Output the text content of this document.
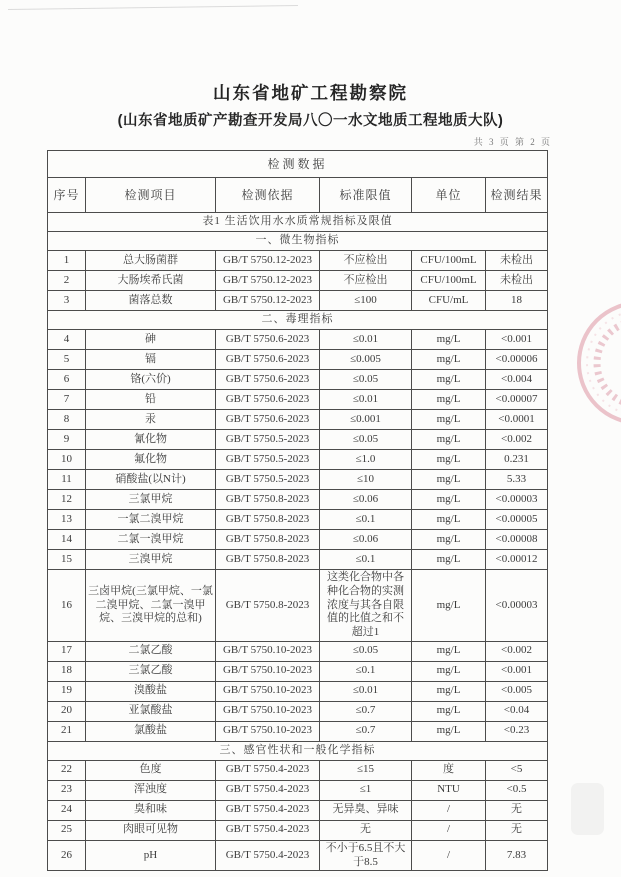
山东省地矿工程勘察院
(山东省地质矿产勘查开发局八〇一水文地质工程地质大队)
共 3 页 第 2 页
检测数据					
序号	检测项目	检测依据	标准限值	单位	检测结果
表1 生活饮用水水质常规指标及限值					
一、微生物指标					
1	总大肠菌群	GB/T 5750.12-2023	不应检出	CFU/100mL	未检出
2	大肠埃希氏菌	GB/T 5750.12-2023	不应检出	CFU/100mL	未检出
3	菌落总数	GB/T 5750.12-2023	≤100	CFU/mL	18
二、毒理指标					
4	砷	GB/T 5750.6-2023	≤0.01	mg/L	<0.001
5	镉	GB/T 5750.6-2023	≤0.005	mg/L	<0.00006
6	铬(六价)	GB/T 5750.6-2023	≤0.05	mg/L	<0.004
7	铅	GB/T 5750.6-2023	≤0.01	mg/L	<0.00007
8	汞	GB/T 5750.6-2023	≤0.001	mg/L	<0.0001
9	氰化物	GB/T 5750.5-2023	≤0.05	mg/L	<0.002
10	氟化物	GB/T 5750.5-2023	≤1.0	mg/L	0.231
11	硝酸盐(以N计)	GB/T 5750.5-2023	≤10	mg/L	5.33
12	三氯甲烷	GB/T 5750.8-2023	≤0.06	mg/L	<0.00003
13	一氯二溴甲烷	GB/T 5750.8-2023	≤0.1	mg/L	<0.00005
14	二氯一溴甲烷	GB/T 5750.8-2023	≤0.06	mg/L	<0.00008
15	三溴甲烷	GB/T 5750.8-2023	≤0.1	mg/L	<0.00012
16	三卤甲烷(三氯甲烷、一氯二溴甲烷、二氯一溴甲烷、三溴甲烷的总和)	GB/T 5750.8-2023	这类化合物中各种化合物的实测浓度与其各自限值的比值之和不超过1	mg/L	<0.00003
17	二氯乙酸	GB/T 5750.10-2023	≤0.05	mg/L	<0.002
18	三氯乙酸	GB/T 5750.10-2023	≤0.1	mg/L	<0.001
19	溴酸盐	GB/T 5750.10-2023	≤0.01	mg/L	<0.005
20	亚氯酸盐	GB/T 5750.10-2023	≤0.7	mg/L	<0.04
21	氯酸盐	GB/T 5750.10-2023	≤0.7	mg/L	<0.23
三、感官性状和一般化学指标					
22	色度	GB/T 5750.4-2023	≤15	度	<5
23	浑浊度	GB/T 5750.4-2023	≤1	NTU	<0.5
24	臭和味	GB/T 5750.4-2023	无异臭、异味	/	无
25	肉眼可见物	GB/T 5750.4-2023	无	/	无
26	pH	GB/T 5750.4-2023	不小于6.5且不大于8.5	/	7.83
